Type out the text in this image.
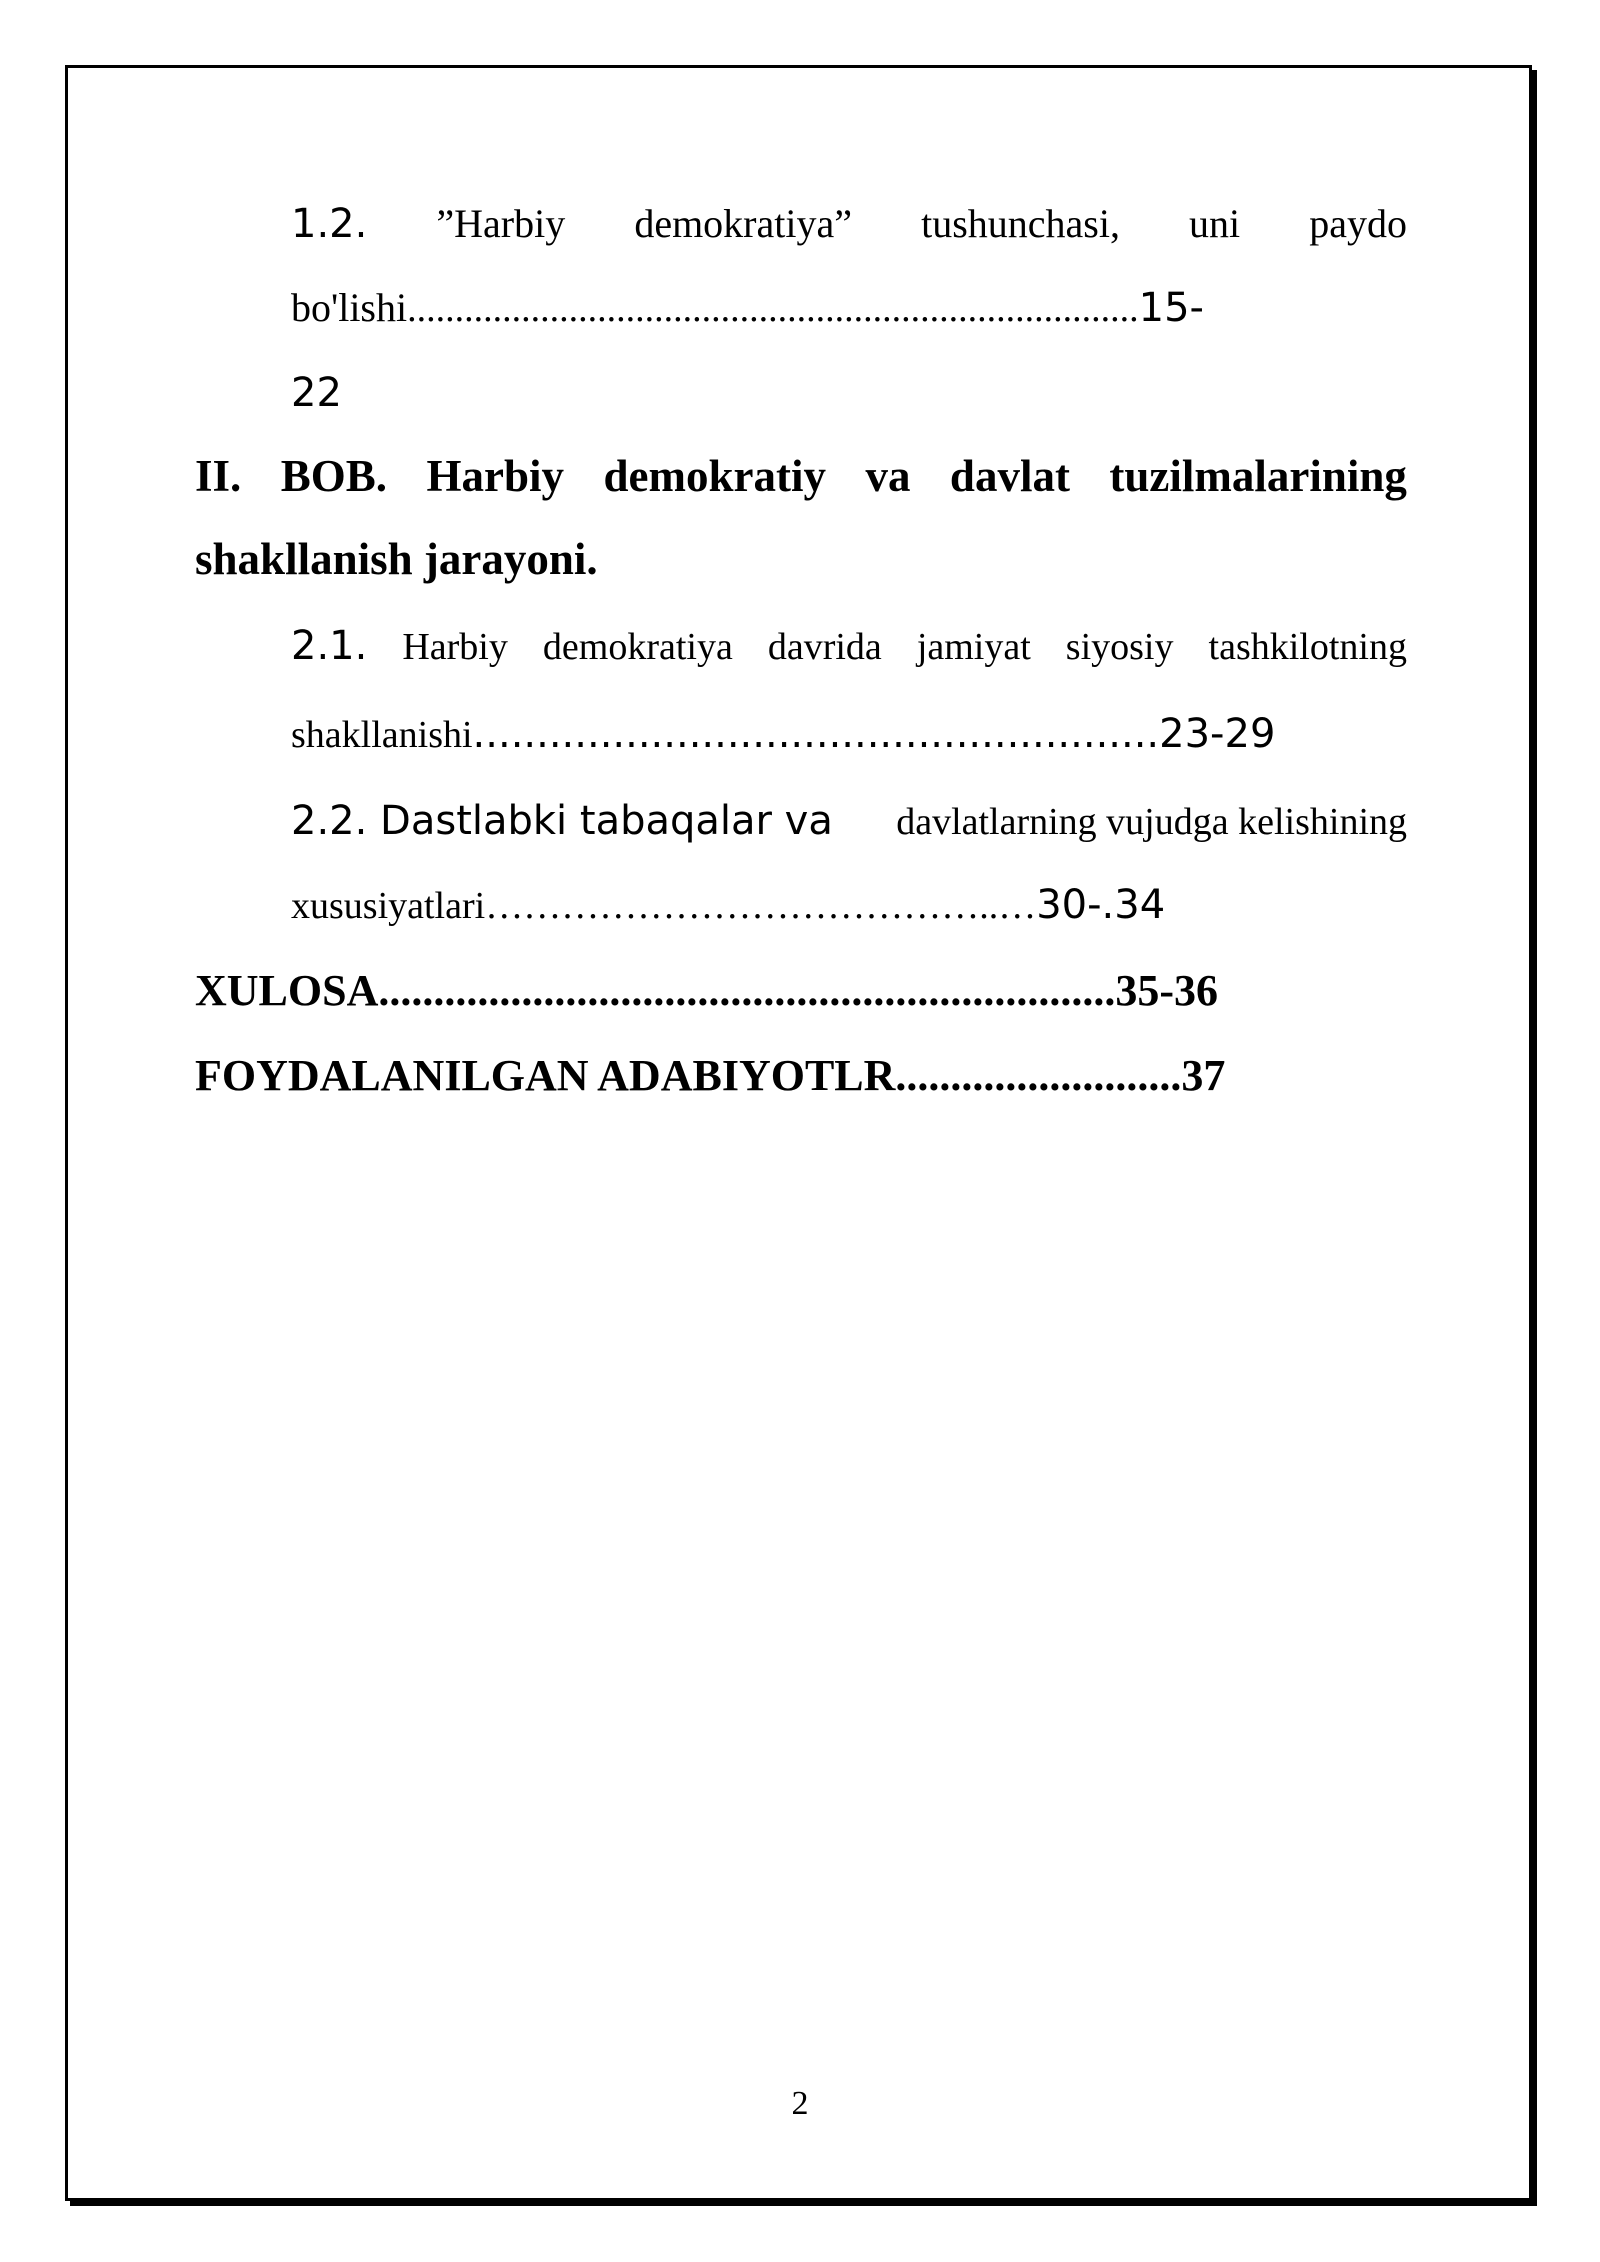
1.2. ”Harbiy demokratiya” tushunchasi, uni paydo
bo'lishi ............................................................................. 15-
22
II. BOB. Harbiy demokratiy va davlat tuzilmalarining
shakllanish jarayoni.
2.1. Harbiy demokratiya davrida jamiyat siyosiy tashkilotning
shakllanishi ...................................................... 23-29
2.2. Dastlabki tabaqalar va davlatlarning vujudga kelishining
xususiyatlari …………………………………..… 30-.34
XULOSA...................................................................35-36
FOYDALANILGAN ADABIYOTLR..........................37
2
